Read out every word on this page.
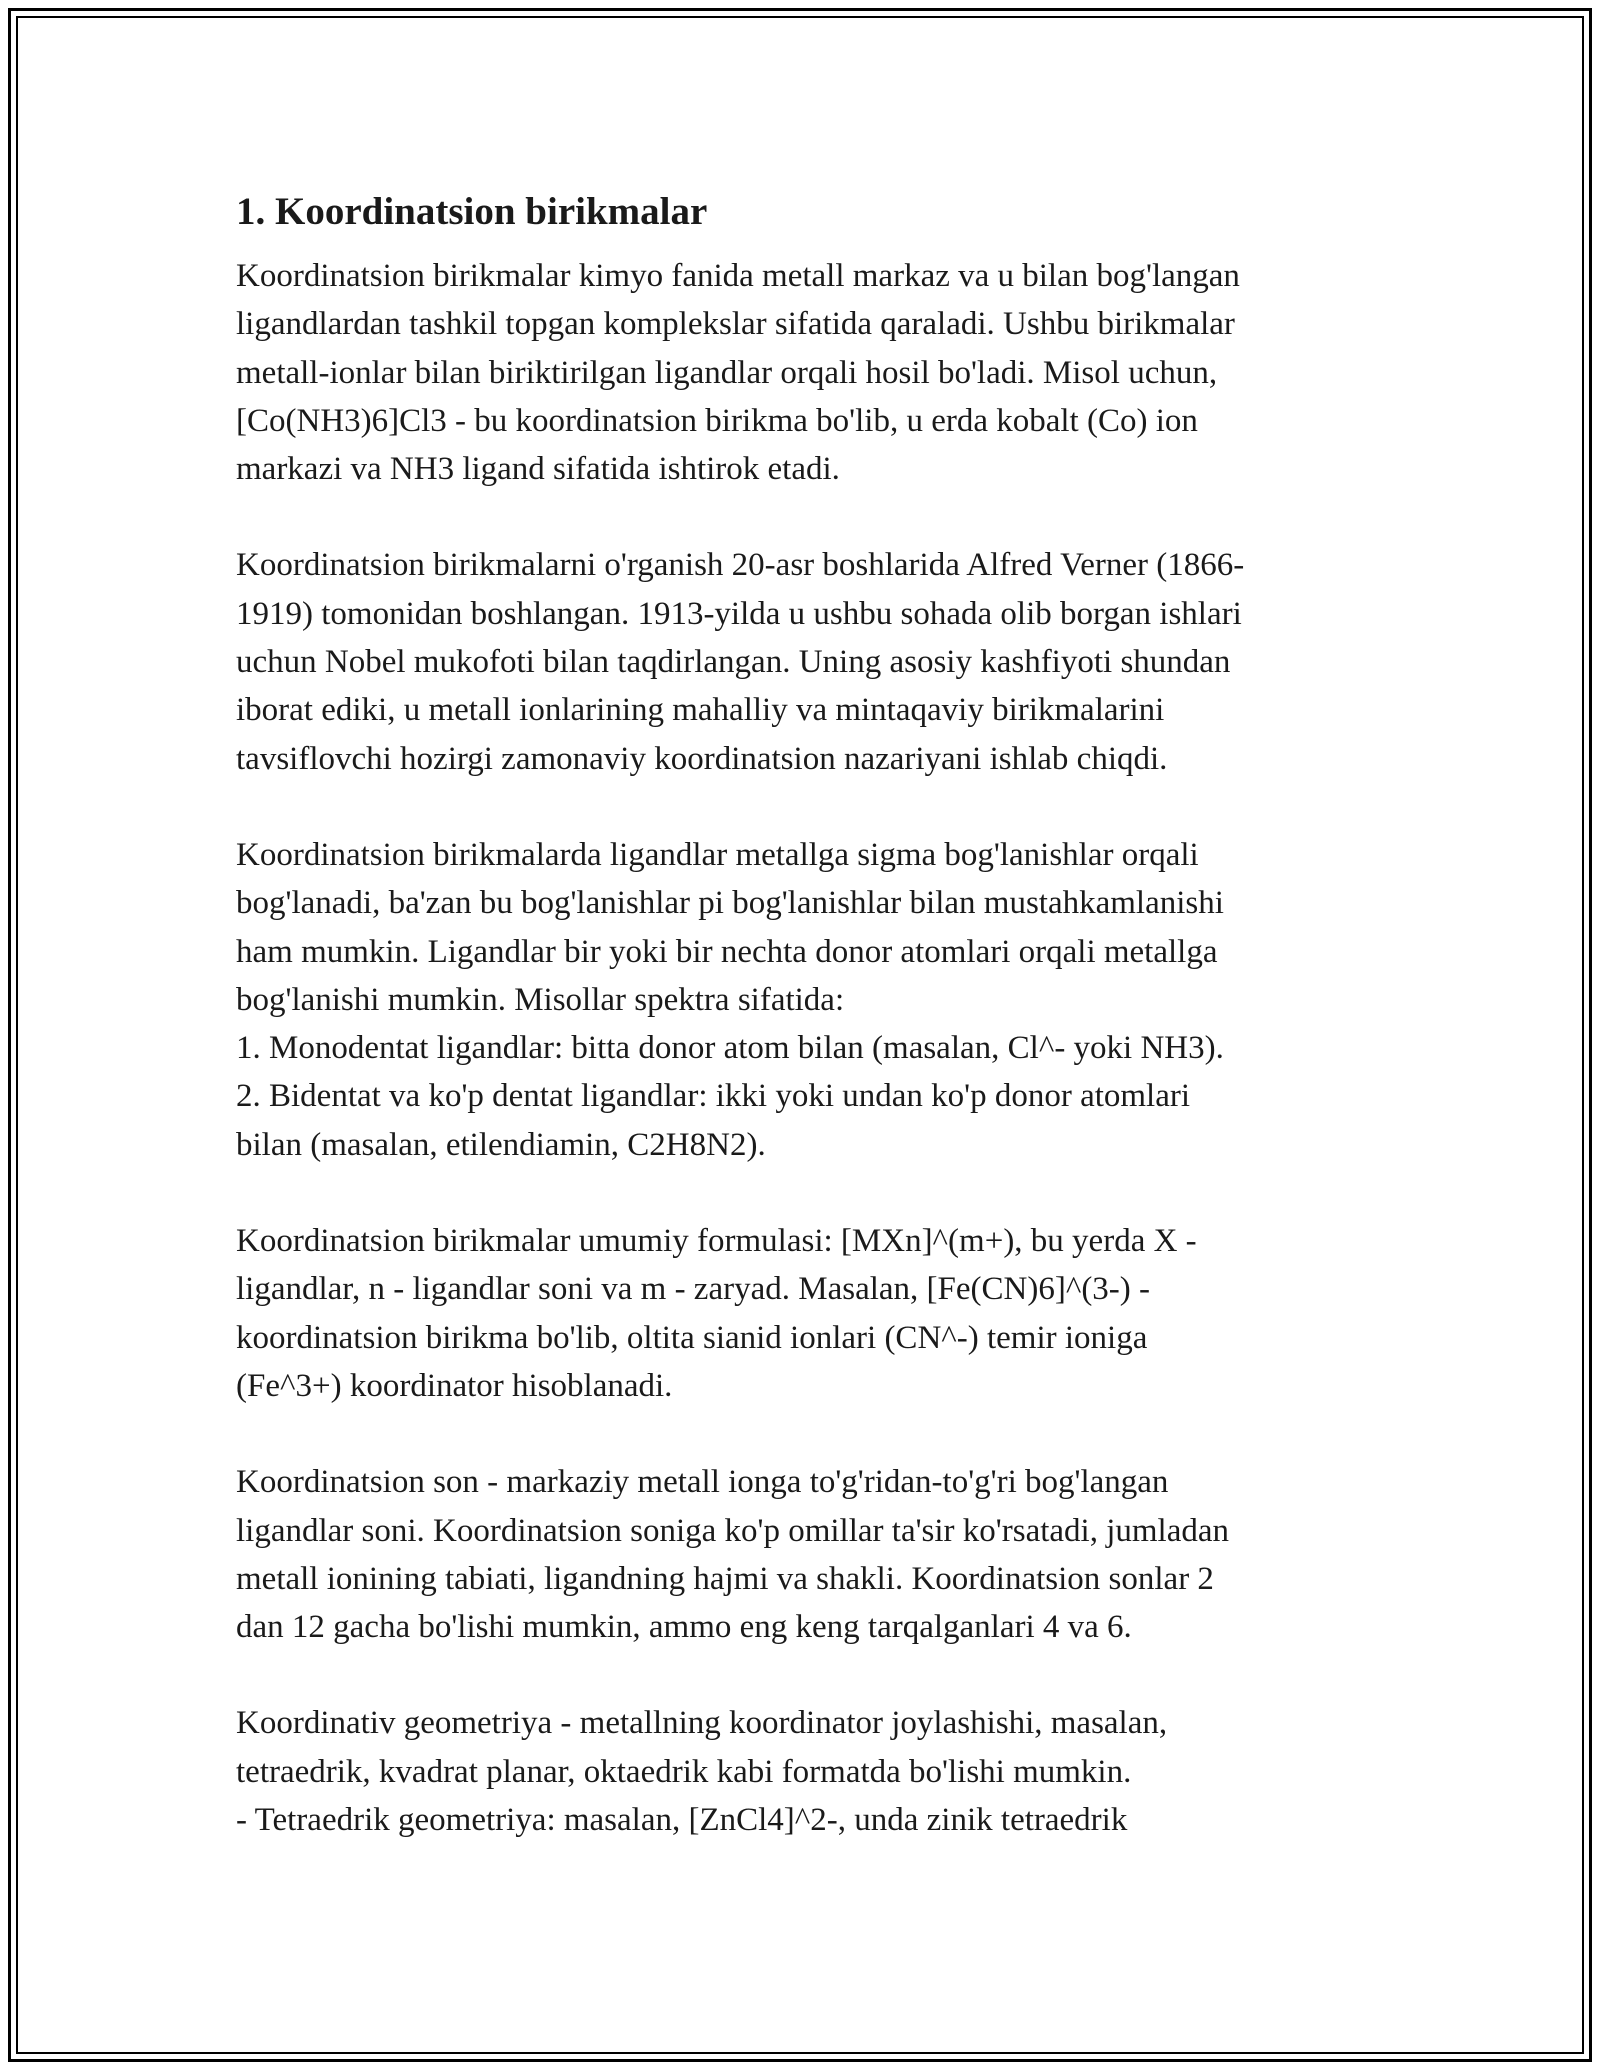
1. Koordinatsion birikmalar
Koordinatsion birikmalar kimyo fanida metall markaz va u bilan bog'langan
ligandlardan tashkil topgan komplekslar sifatida qaraladi. Ushbu birikmalar
metall-ionlar bilan biriktirilgan ligandlar orqali hosil bo'ladi. Misol uchun,
[Co(NH3)6]Cl3 - bu koordinatsion birikma bo'lib, u erda kobalt (Co) ion
markazi va NH3 ligand sifatida ishtirok etadi.
Koordinatsion birikmalarni o'rganish 20-asr boshlarida Alfred Verner (1866-
1919) tomonidan boshlangan. 1913-yilda u ushbu sohada olib borgan ishlari
uchun Nobel mukofoti bilan taqdirlangan. Uning asosiy kashfiyoti shundan
iborat ediki, u metall ionlarining mahalliy va mintaqaviy birikmalarini
tavsiflovchi hozirgi zamonaviy koordinatsion nazariyani ishlab chiqdi.
Koordinatsion birikmalarda ligandlar metallga sigma bog'lanishlar orqali
bog'lanadi, ba'zan bu bog'lanishlar pi bog'lanishlar bilan mustahkamlanishi
ham mumkin. Ligandlar bir yoki bir nechta donor atomlari orqali metallga
bog'lanishi mumkin. Misollar spektra sifatida:
1. Monodentat ligandlar: bitta donor atom bilan (masalan, Cl^- yoki NH3).
2. Bidentat va ko'p dentat ligandlar: ikki yoki undan ko'p donor atomlari
bilan (masalan, etilendiamin, C2H8N2).
Koordinatsion birikmalar umumiy formulasi: [MXn]^(m+), bu yerda X -
ligandlar, n - ligandlar soni va m - zaryad. Masalan, [Fe(CN)6]^(3-) -
koordinatsion birikma bo'lib, oltita sianid ionlari (CN^-) temir ioniga
(Fe^3+) koordinator hisoblanadi.
Koordinatsion son - markaziy metall ionga to'g'ridan-to'g'ri bog'langan
ligandlar soni. Koordinatsion soniga ko'p omillar ta'sir ko'rsatadi, jumladan
metall ionining tabiati, ligandning hajmi va shakli. Koordinatsion sonlar 2
dan 12 gacha bo'lishi mumkin, ammo eng keng tarqalganlari 4 va 6.
Koordinativ geometriya - metallning koordinator joylashishi, masalan,
tetraedrik, kvadrat planar, oktaedrik kabi formatda bo'lishi mumkin.
- Tetraedrik geometriya: masalan, [ZnCl4]^2-, unda zinik tetraedrik
